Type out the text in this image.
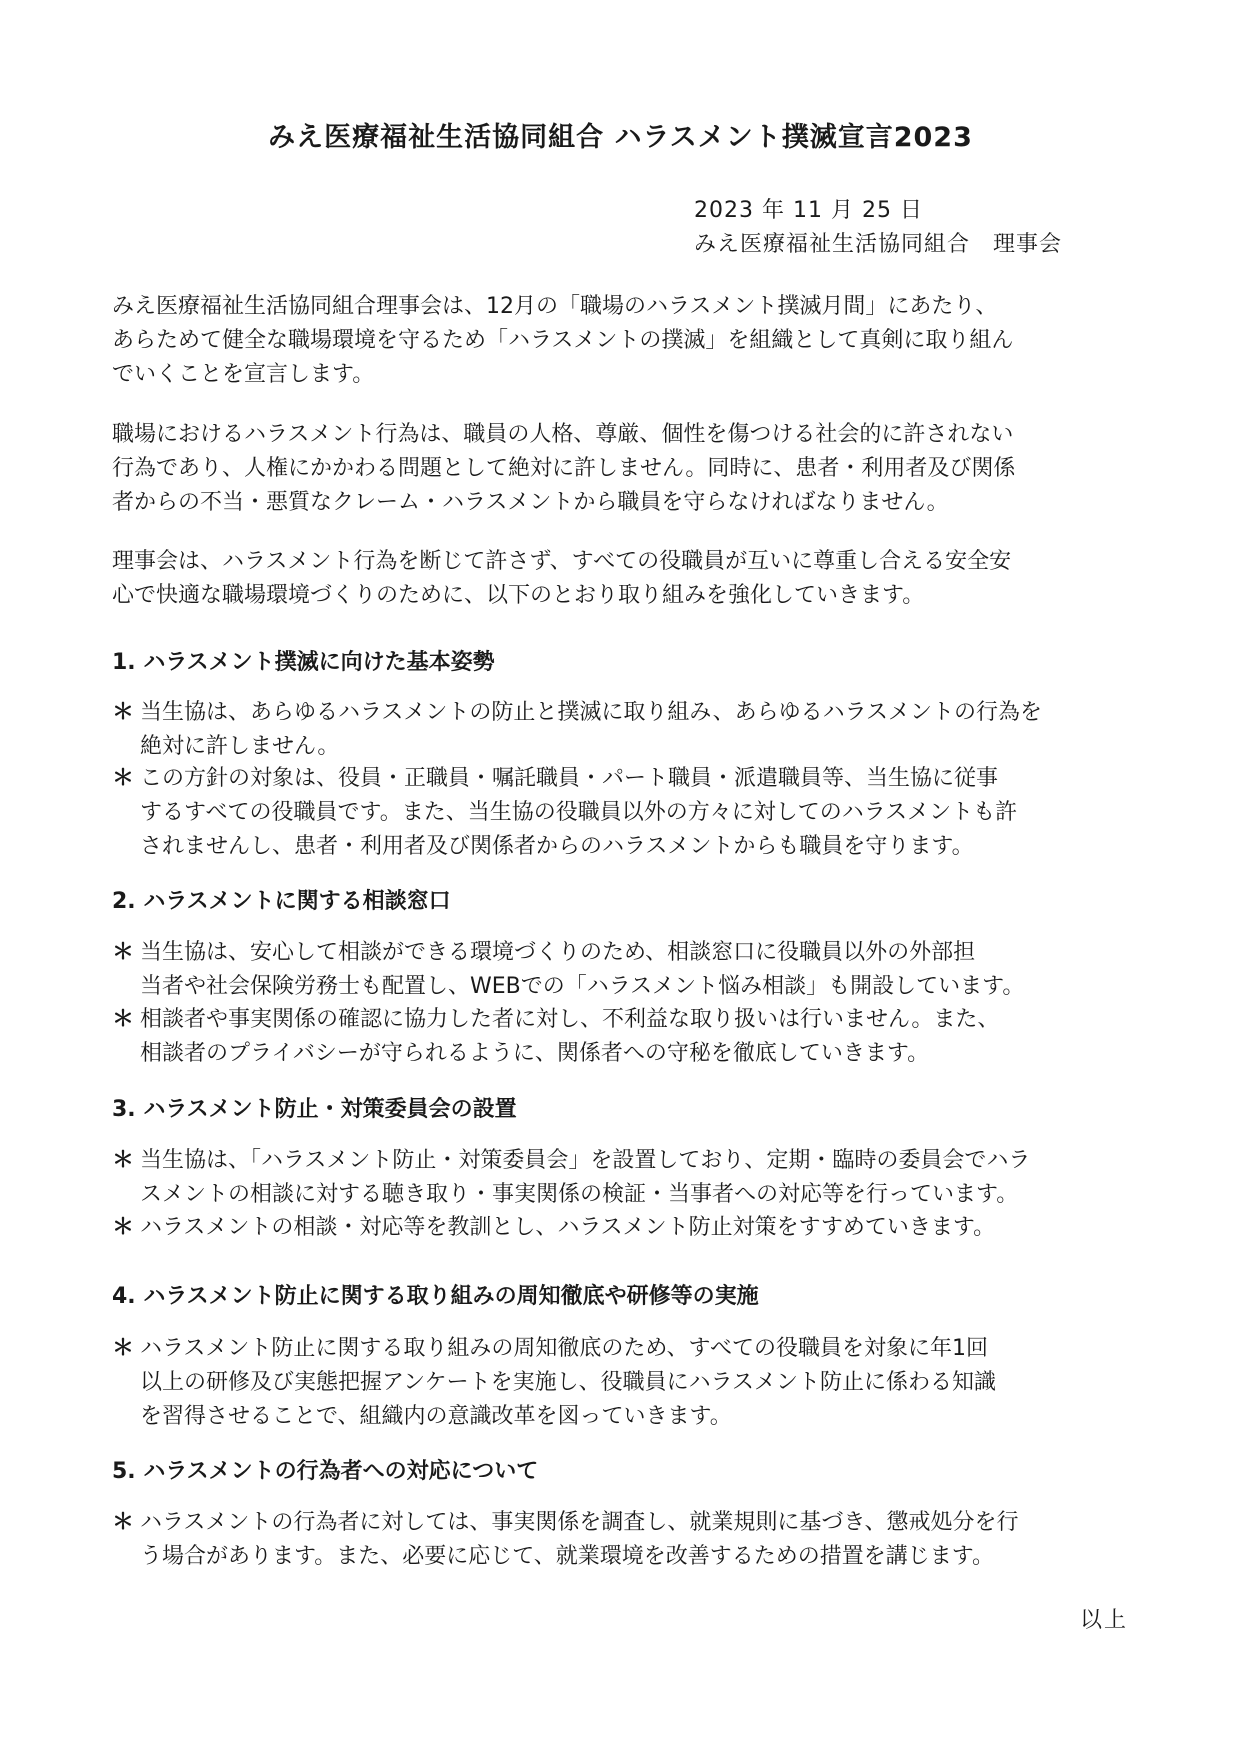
みえ医療福祉生活協同組合 ハラスメント撲滅宣言2023
2023 年 11 月 25 日
みえ医療福祉生活協同組合　理事会
みえ医療福祉生活協同組合理事会は、12月の「職場のハラスメント撲滅月間」にあたり、
あらためて健全な職場環境を守るため「ハラスメントの撲滅」を組織として真剣に取り組ん
でいくことを宣言します。
職場におけるハラスメント行為は、職員の人格、尊厳、個性を傷つける社会的に許されない
行為であり、人権にかかわる問題として絶対に許しません。同時に、患者・利用者及び関係
者からの不当・悪質なクレーム・ハラスメントから職員を守らなければなりません。
理事会は、ハラスメント行為を断じて許さず、すべての役職員が互いに尊重し合える安全安
心で快適な職場環境づくりのために、以下のとおり取り組みを強化していきます。
1. ハラスメント撲滅に向けた基本姿勢
＊ 当生協は、あらゆるハラスメントの防止と撲滅に取り組み、あらゆるハラスメントの行為を
絶対に許しません。
＊ この方針の対象は、役員・正職員・嘱託職員・パート職員・派遣職員等、当生協に従事
するすべての役職員です。また、当生協の役職員以外の方々に対してのハラスメントも許
されませんし、患者・利用者及び関係者からのハラスメントからも職員を守ります。
2. ハラスメントに関する相談窓口
＊ 当生協は、安心して相談ができる環境づくりのため、相談窓口に役職員以外の外部担
当者や社会保険労務士も配置し、WEBでの「ハラスメント悩み相談」も開設しています。
＊ 相談者や事実関係の確認に協力した者に対し、不利益な取り扱いは行いません。また、
相談者のプライバシーが守られるように、関係者への守秘を徹底していきます。
3. ハラスメント防止・対策委員会の設置
＊ 当生協は、「ハラスメント防止・対策委員会」を設置しており、定期・臨時の委員会でハラ
スメントの相談に対する聴き取り・事実関係の検証・当事者への対応等を行っています。
＊ ハラスメントの相談・対応等を教訓とし、ハラスメント防止対策をすすめていきます。
4. ハラスメント防止に関する取り組みの周知徹底や研修等の実施
＊ ハラスメント防止に関する取り組みの周知徹底のため、すべての役職員を対象に年1回
以上の研修及び実態把握アンケートを実施し、役職員にハラスメント防止に係わる知識
を習得させることで、組織内の意識改革を図っていきます。
5. ハラスメントの行為者への対応について
＊ ハラスメントの行為者に対しては、事実関係を調査し、就業規則に基づき、懲戒処分を行
う場合があります。また、必要に応じて、就業環境を改善するための措置を講じます。
以上
